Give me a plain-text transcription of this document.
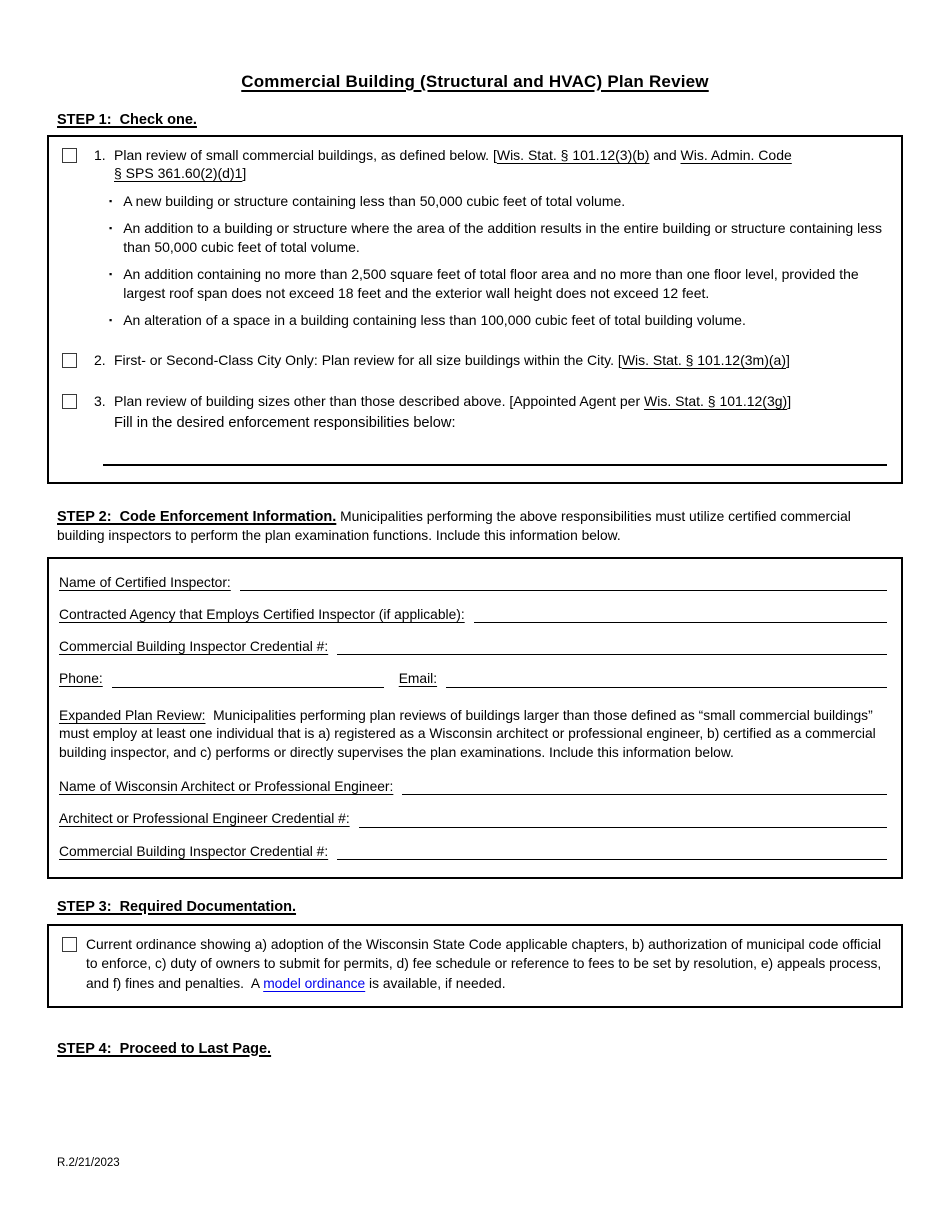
Commercial Building (Structural and HVAC) Plan Review
STEP 1:  Check one.
1. Plan review of small commercial buildings, as defined below. [Wis. Stat. § 101.12(3)(b) and Wis. Admin. Code
§ SPS 361.60(2)(d)1]
▪ A new building or structure containing less than 50,000 cubic feet of total volume.
▪ An addition to a building or structure where the area of the addition results in the entire building or structure containing less than 50,000 cubic feet of total volume.
▪ An addition containing no more than 2,500 square feet of total floor area and no more than one floor level, provided the largest roof span does not exceed 18 feet and the exterior wall height does not exceed 12 feet.
▪ An alteration of a space in a building containing less than 100,000 cubic feet of total building volume.
2. First- or Second-Class City Only: Plan review for all size buildings within the City. [Wis. Stat. § 101.12(3m)(a)]
3. Plan review of building sizes other than those described above. [Appointed Agent per Wis. Stat. § 101.12(3g)]
Fill in the desired enforcement responsibilities below:
STEP 2:  Code Enforcement Information. Municipalities performing the above responsibilities must utilize certified commercial building inspectors to perform the plan examination functions. Include this information below.
Name of Certified Inspector:
Contracted Agency that Employs Certified Inspector (if applicable):
Commercial Building Inspector Credential #:
Phone:	Email:
Expanded Plan Review:  Municipalities performing plan reviews of buildings larger than those defined as “small commercial buildings” must employ at least one individual that is a) registered as a Wisconsin architect or professional engineer, b) certified as a commercial building inspector, and c) performs or directly supervises the plan examinations. Include this information below.
Name of Wisconsin Architect or Professional Engineer:
Architect or Professional Engineer Credential #:
Commercial Building Inspector Credential #:
STEP 3:  Required Documentation.
Current ordinance showing a) adoption of the Wisconsin State Code applicable chapters, b) authorization of municipal code official to enforce, c) duty of owners to submit for permits, d) fee schedule or reference to fees to be set by resolution, e) appeals process, and f) fines and penalties.  A model ordinance is available, if needed.
STEP 4:  Proceed to Last Page.
R.2/21/2023
